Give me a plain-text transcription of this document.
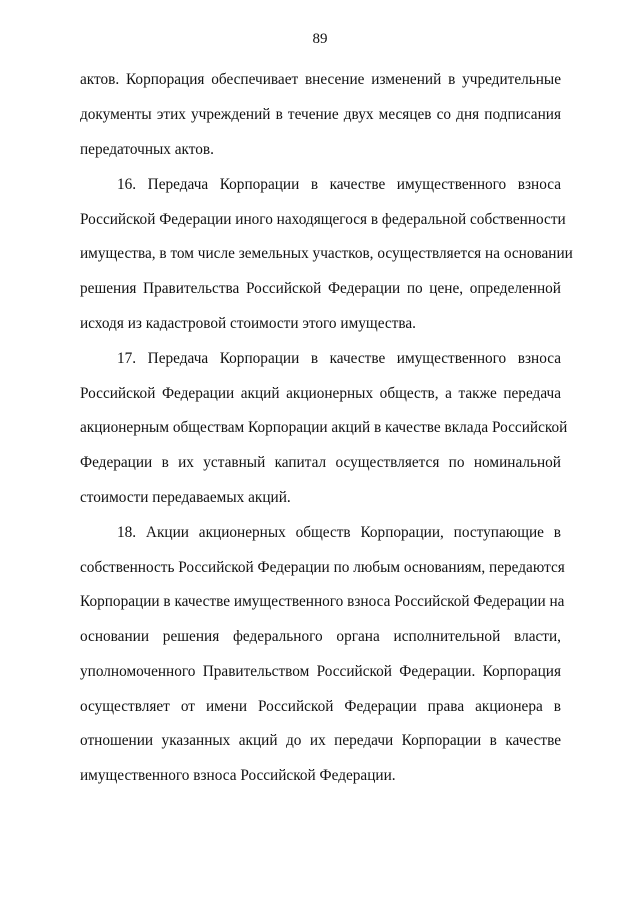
89
актов. Корпорация обеспечивает внесение изменений в учредительные
документы этих учреждений в течение двух месяцев со дня подписания
передаточных актов.
16. Передача Корпорации в качестве имущественного взноса
Российской Федерации иного находящегося в федеральной собственности
имущества, в том числе земельных участков, осуществляется на основании
решения Правительства Российской Федерации по цене, определенной
исходя из кадастровой стоимости этого имущества.
17. Передача Корпорации в качестве имущественного взноса
Российской Федерации акций акционерных обществ, а также передача
акционерным обществам Корпорации акций в качестве вклада Российской
Федерации в их уставный капитал осуществляется по номинальной
стоимости передаваемых акций.
18. Акции акционерных обществ Корпорации, поступающие в
собственность Российской Федерации по любым основаниям, передаются
Корпорации в качестве имущественного взноса Российской Федерации на
основании решения федерального органа исполнительной власти,
уполномоченного Правительством Российской Федерации. Корпорация
осуществляет от имени Российской Федерации права акционера в
отношении указанных акций до их передачи Корпорации в качестве
имущественного взноса Российской Федерации.
